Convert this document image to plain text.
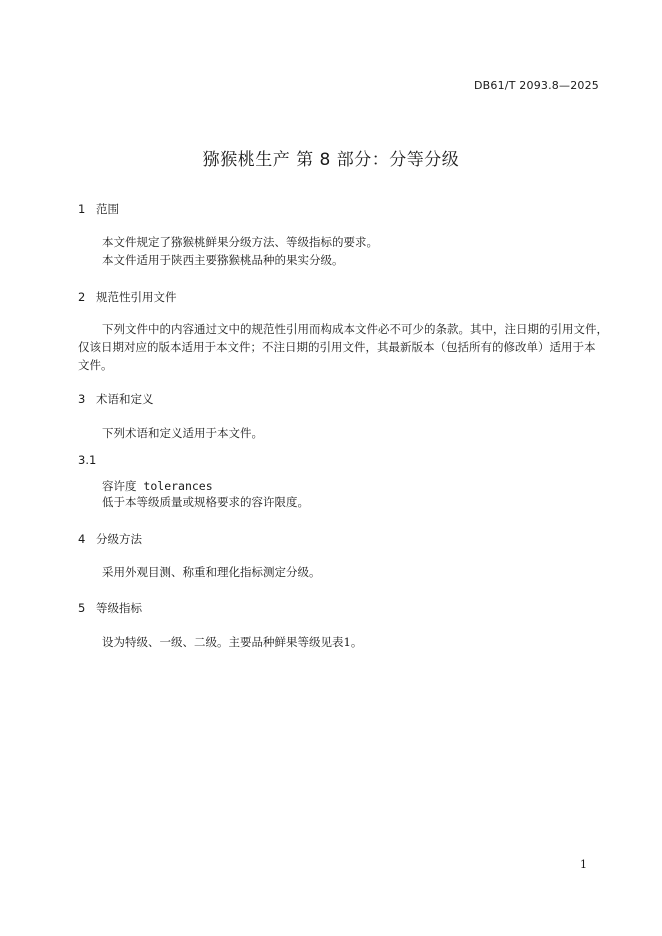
DB61/T 2093.8—2025
猕猴桃生产 第 8 部分：分等分级
1 范围
本文件规定了猕猴桃鲜果分级方法、等级指标的要求。
本文件适用于陕西主要猕猴桃品种的果实分级。
2 规范性引用文件
下列文件中的内容通过文中的规范性引用而构成本文件必不可少的条款。其中，注日期的引用文件，
仅该日期对应的版本适用于本文件；不注日期的引用文件，其最新版本（包括所有的修改单）适用于本
文件。
3 术语和定义
下列术语和定义适用于本文件。
3.1
容许度 tolerances
低于本等级质量或规格要求的容许限度。
4 分级方法
采用外观目测、称重和理化指标测定分级。
5 等级指标
设为特级、一级、二级。主要品种鲜果等级见表1。
1
